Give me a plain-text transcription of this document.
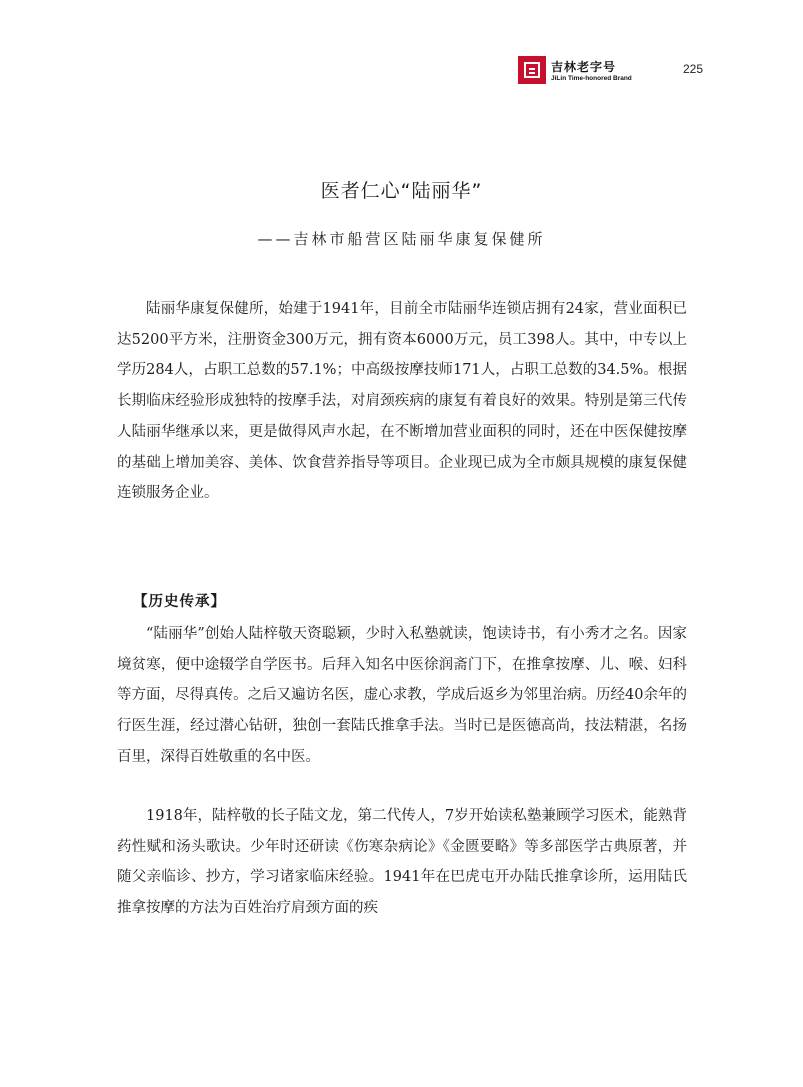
吉林老字号
JiLin Time-honored Brand
225
医者仁心“陆丽华”
——吉林市船营区陆丽华康复保健所

陆丽华康复保健所，始建于1941年，目前全市陆丽华连锁店拥有24家，营业面积已达5200平方米，注册资金300万元，拥有资本6000万元，员工398人。其中，中专以上学历284人，占职工总数的57.1%；中高级按摩技师171人，占职工总数的34.5%。根据长期临床经验形成独特的按摩手法，对肩颈疾病的康复有着良好的效果。特别是第三代传人陆丽华继承以来，更是做得风声水起，在不断增加营业面积的同时，还在中医保健按摩的基础上增加美容、美体、饮食营养指导等项目。企业现已成为全市颇具规模的康复保健连锁服务企业。

【历史传承】

“陆丽华”创始人陆梓敬天资聪颖，少时入私塾就读，饱读诗书，有小秀才之名。因家境贫寒，便中途辍学自学医书。后拜入知名中医徐润斋门下，在推拿按摩、儿、喉、妇科等方面，尽得真传。之后又遍访名医，虚心求教，学成后返乡为邻里治病。历经40余年的行医生涯，经过潜心钻研，独创一套陆氏推拿手法。当时已是医德高尚，技法精湛，名扬百里，深得百姓敬重的名中医。

1918年，陆梓敬的长子陆文龙，第二代传人，7岁开始读私塾兼顾学习医术，能熟背药性赋和汤头歌诀。少年时还研读《伤寒杂病论》《金匮要略》等多部医学古典原著，并随父亲临诊、抄方，学习诸家临床经验。1941年在巴虎屯开办陆氏推拿诊所，运用陆氏推拿按摩的方法为百姓治疗肩颈方面的疾
